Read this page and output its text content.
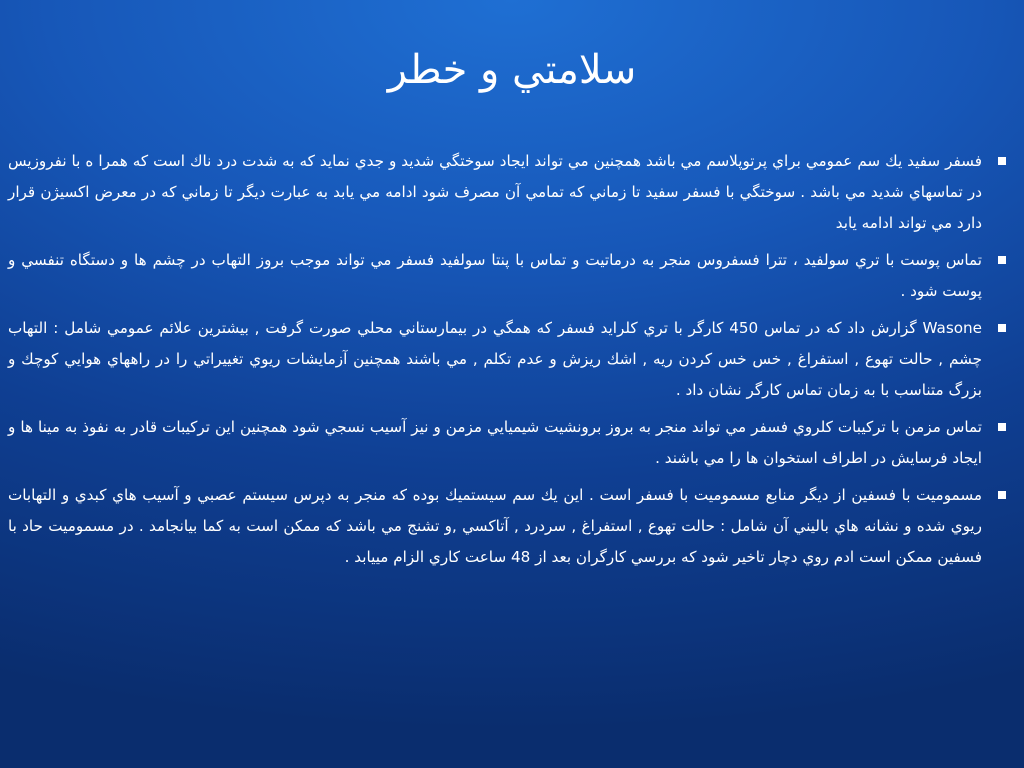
سلامتي و خطر
فسفر سفيد يك سم عمومي براي پرتوپلاسم مي باشد همچنين مي تواند ايجاد سوختگي شديد و جدي نمايد كه به شدت درد ناك است كه همرا ه با نفروزيس در تماسهاي شديد مي باشد . سوختگي با فسفر سفيد تا زماني كه تمامي آن مصرف شود ادامه مي يابد به عبارت ديگر تا زماني كه در معرض اكسيژن قرار دارد مي تواند ادامه يابد
تماس پوست با تري سولفيد ، تترا فسفروس منجر به درماتيت و تماس با پنتا سولفيد فسفر مي تواند موجب بروز التهاب در چشم ها و دستگاه تنفسي و پوست شود .
Wasone گزارش داد كه در تماس 450 كارگر با تري كلرايد فسفر كه همگي در بيمارستاني محلي صورت گرفت , بيشترين علائم عمومي شامل : التهاب چشم , حالت تهوع , استفراغ , خس خس كردن ريه , اشك ريزش و عدم تكلم , مي باشند همچنين آزمايشات ريوي تغييراتي را در راههاي هوايي كوچك و بزرگ متناسب با به زمان تماس كارگر نشان داد .
تماس مزمن با تركيبات كلروي فسفر مي تواند منجر به بروز برونشيت شيميايي مزمن و نيز آسيب نسجي شود همچنين اين تركيبات قادر به نفوذ به مينا ها و ايجاد فرسايش در اطراف استخوان ها را مي باشند .
مسموميت با فسفين از ديگر منابع مسموميت با فسفر است . اين يك سم سيستميك بوده كه منجر به دپرس سيستم عصبي و آسيب هاي كبدي و التهابات ريوي شده و نشانه هاي باليني آن شامل : حالت تهوع , استفراغ , سردرد , آتاكسي ,و تشنج مي باشد كه ممكن است به كما بيانجامد . در مسموميت حاد با فسفين ممكن است ادم روي دچار تاخير شود كه بررسي كارگران بعد از 48 ساعت كاري الزام مييابد .
